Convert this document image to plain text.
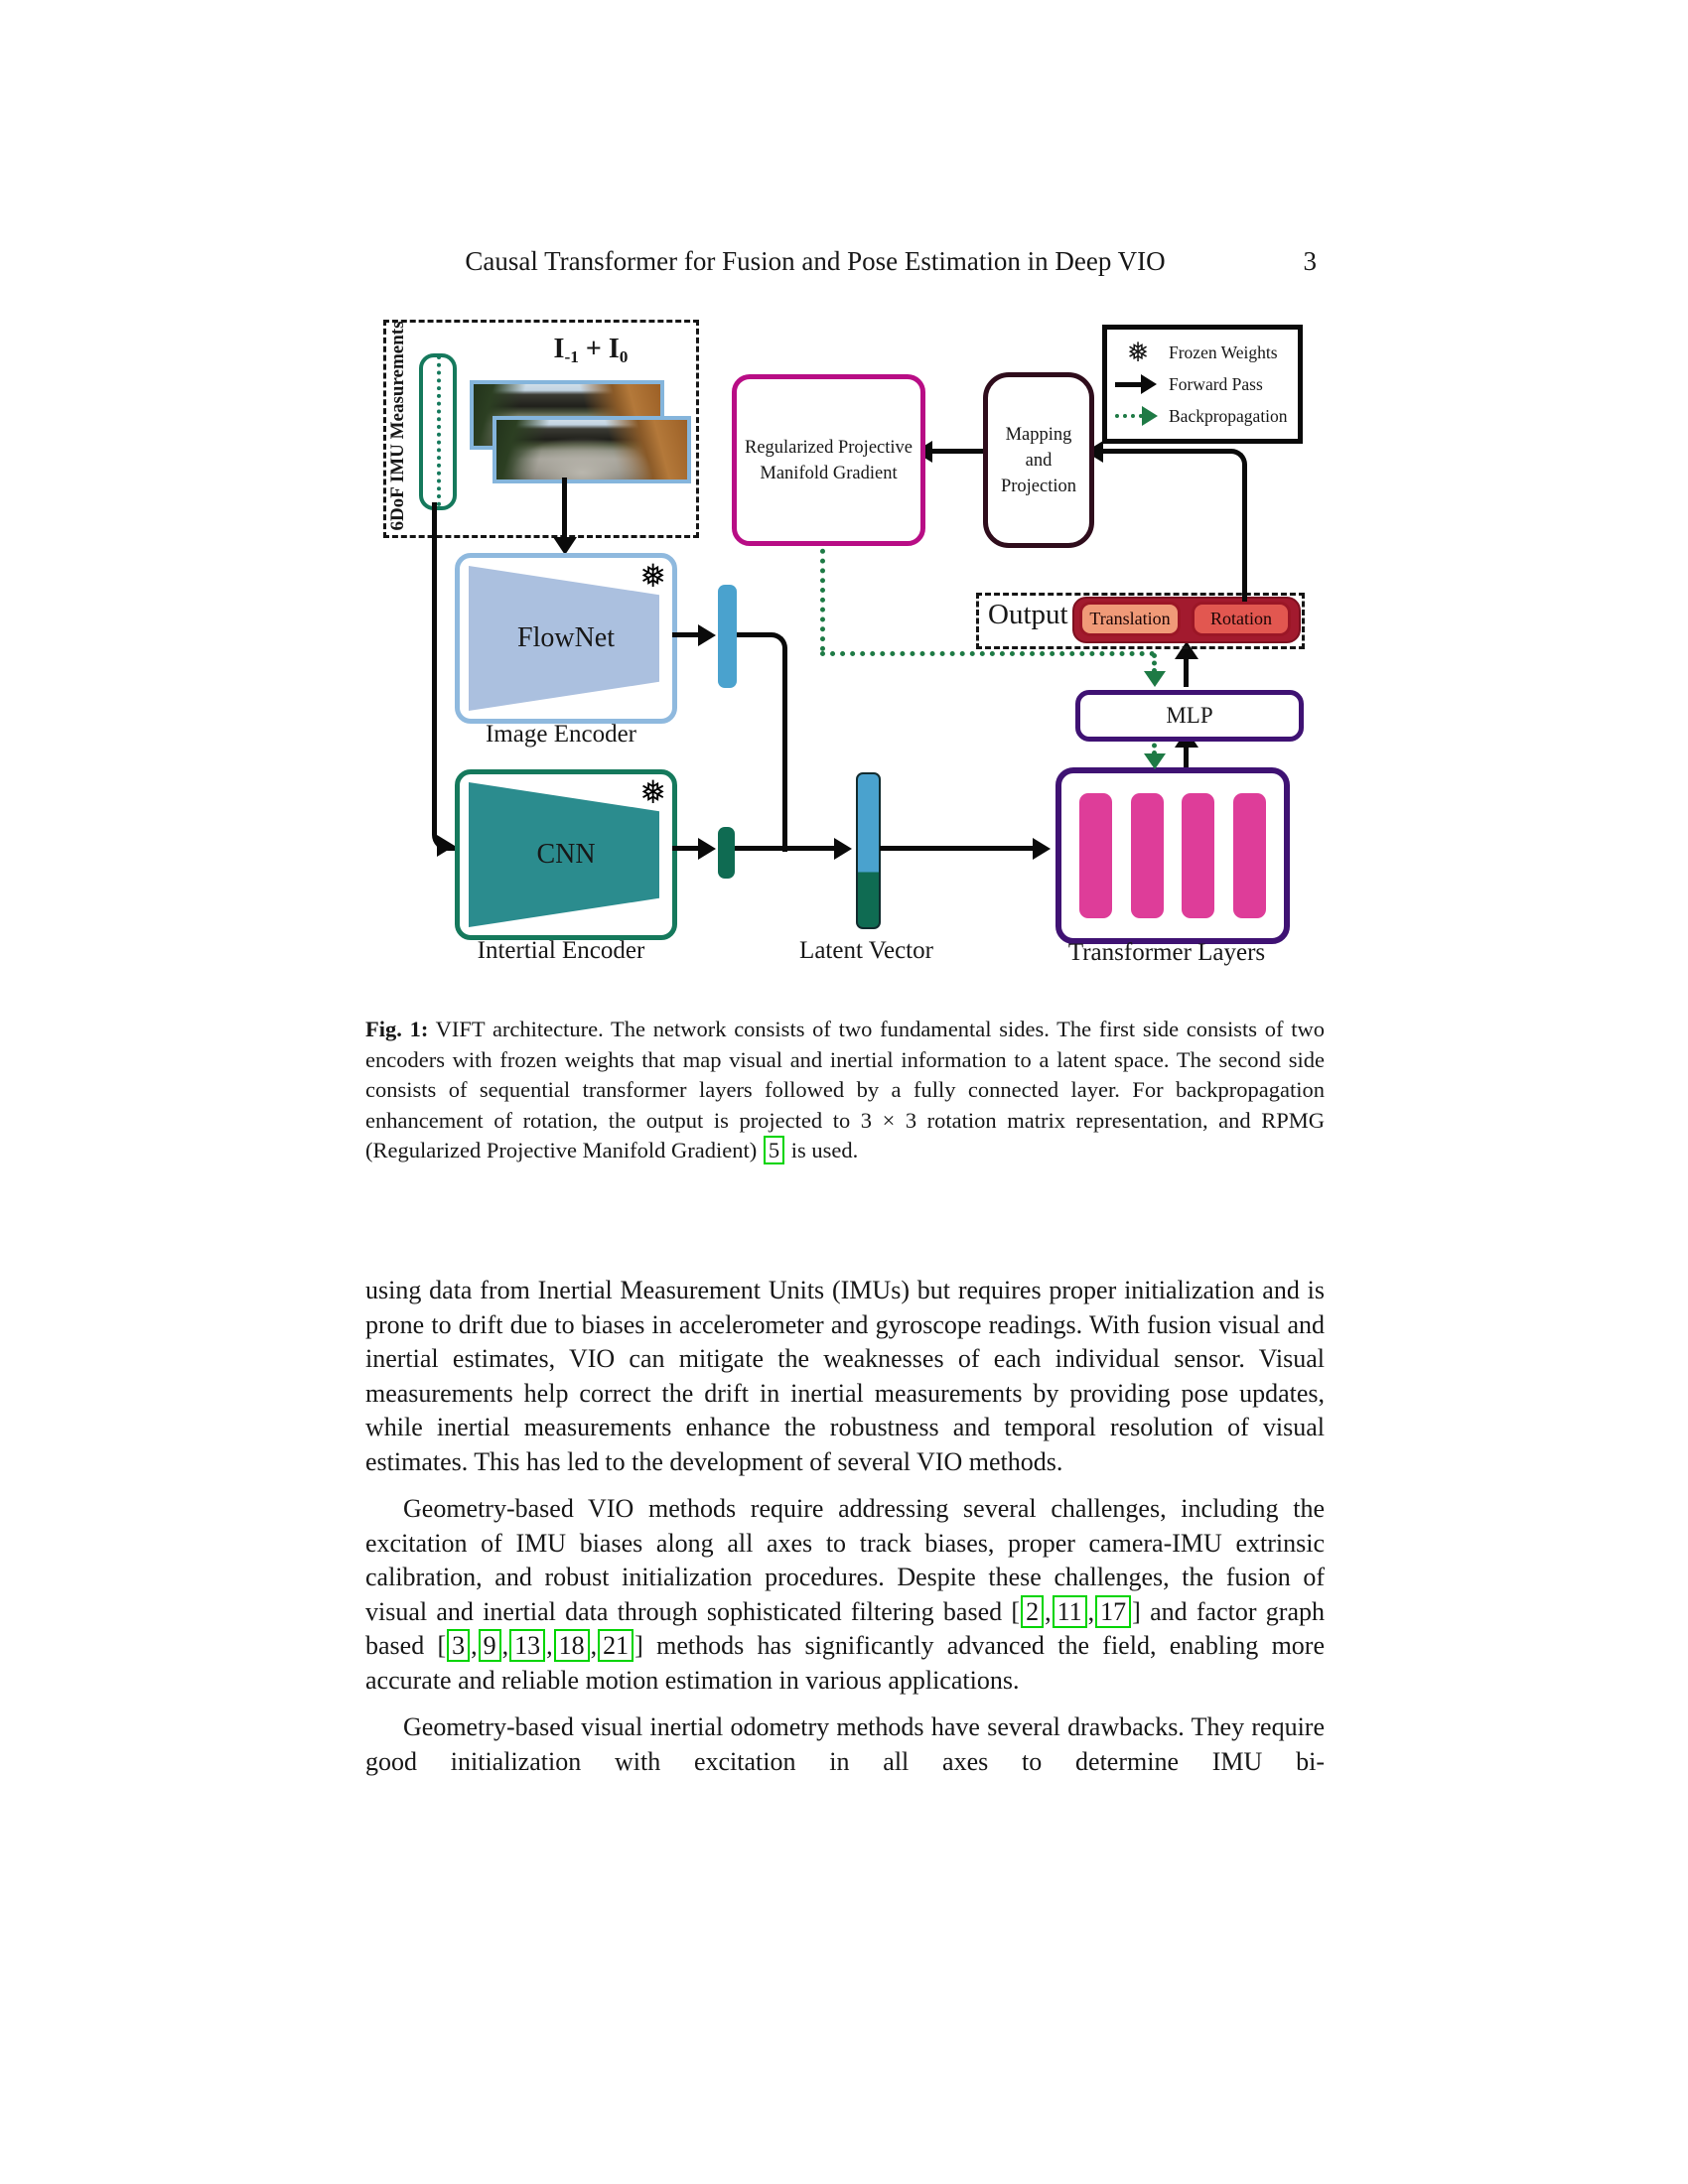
Causal Transformer for Fusion and Pose Estimation in Deep VIO	3
6DoF IMU Measurements	$I_{-1} + I_0$
FlowNet
❅
Image Encoder
CNN
❅
Intertial Encoder	Latent Vector	Transformer Layers
MLP
Output Translation Rotation
Regularized Projective
Manifold Gradient
Mapping
and
Projection
❅	Frozen Weights
Forward Pass
Backpropagation
Fig. 1: VIFT architecture. The network consists of two fundamental sides. The first side consists of two encoders with frozen weights that map visual and inertial information to a latent space. The second side consists of sequential transformer layers followed by a fully connected layer. For backpropagation enhancement of rotation, the output is projected to 3 × 3 rotation matrix representation, and RPMG (Regularized Projective Manifold Gradient) 5 is used.

using data from Inertial Measurement Units (IMUs) but requires proper initialization and is prone to drift due to biases in accelerometer and gyroscope readings. With fusion visual and inertial estimates, VIO can mitigate the weaknesses of each individual sensor. Visual measurements help correct the drift in inertial measurements by providing pose updates, while inertial measurements enhance the robustness and temporal resolution of visual estimates. This has led to the development of several VIO methods.

Geometry-based VIO methods require addressing several challenges, including the excitation of IMU biases along all axes to track biases, proper camera-IMU extrinsic calibration, and robust initialization procedures. Despite these challenges, the fusion of visual and inertial data through sophisticated filtering based [ 2 , 11 , 17 ] and factor graph based [ 3 , 9 , 13 , 18 , 21 ] methods has significantly advanced the field, enabling more accurate and reliable motion estimation in various applications.

Geometry-based visual inertial odometry methods have several drawbacks. They require good initialization with excitation in all axes to determine IMU bi-
